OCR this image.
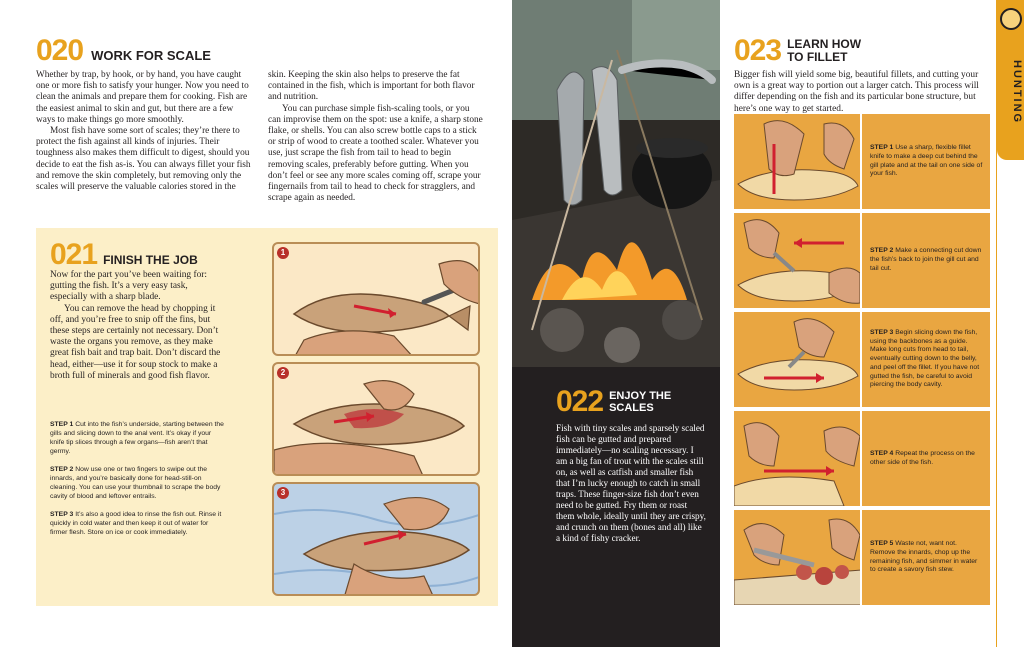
020 WORK FOR SCALE

Whether by trap, by hook, or by hand, you have caught one or more fish to satisfy your hunger. Now you need to clean the animals and prepare them for cooking. Fish are the easiest animal to skin and gut, but there are a few ways to make things go more smoothly.

Most fish have some sort of scales; they’re there to protect the fish against all kinds of injuries. Their toughness also makes them difficult to digest, should you decide to eat the fish as-is. You can always fillet your fish and remove the skin completely, but removing only the scales will preserve the valuable calories stored in the

skin. Keeping the skin also helps to preserve the fat contained in the fish, which is important for both flavor and nutrition.

You can purchase simple fish-scaling tools, or you can improvise them on the spot: use a knife, a sharp stone flake, or shells. You can also screw bottle caps to a stick or strip of wood to create a toothed scaler. Whatever you use, just scrape the fish from tail to head to begin removing scales, preferably before gutting. When you don’t feel or see any more scales coming off, scrape your fingernails from tail to head to check for stragglers, and scrape again as needed.

021 FINISH THE JOB

Now for the part you’ve been waiting for: gutting the fish. It’s a very easy task, especially with a sharp blade.

You can remove the head by chopping it off, and you’re free to snip off the fins, but these steps are certainly not necessary. Don’t waste the organs you remove, as they make great fish bait and trap bait. Don’t discard the head, either—use it for soup stock to make a broth full of minerals and good fish flavor.

STEP 1 Cut into the fish’s underside, starting between the gills and slicing down to the anal vent. It’s okay if your knife tip slices through a few organs—fish aren’t that germy.
STEP 2 Now use one or two fingers to swipe out the innards, and you’re basically done for head-still-on cleaning. You can use your thumbnail to scrape the body cavity of blood and leftover entrails.
STEP 3 It’s also a good idea to rinse the fish out. Rinse it quickly in cold water and then keep it out of water for firmer flesh. Store on ice or cook immediately.
1
2
3
022 ENJOY THE SCALES

Fish with tiny scales and sparsely scaled fish can be gutted and prepared immediately—no scaling necessary. I am a big fan of trout with the scales still on, as well as catfish and smaller fish that I’m lucky enough to catch in small traps. These finger-size fish don’t even need to be gutted. Fry them or roast them whole, ideally until they are crispy, and crunch on them (bones and all) like a kind of fishy cracker.

023 LEARN HOW TO FILLET

Bigger fish will yield some big, beautiful fillets, and cutting your own is a great way to portion out a larger catch. This process will differ depending on the fish and its particular bone structure, but here’s one way to get started.

STEP 1 Use a sharp, flexible fillet knife to make a deep cut behind the gill plate and at the tail on one side of your fish.
STEP 2 Make a connecting cut down the fish’s back to join the gill cut and tail cut.
STEP 3 Begin slicing down the fish, using the backbones as a guide. Make long cuts from head to tail, eventually cutting down to the belly, and peel off the fillet. If you have not gutted the fish, be careful to avoid piercing the body cavity.
STEP 4 Repeat the process on the other side of the fish.
STEP 5 Waste not, want not. Remove the innards, chop up the remaining fish, and simmer in water to create a savory fish stew.
HUNTING
